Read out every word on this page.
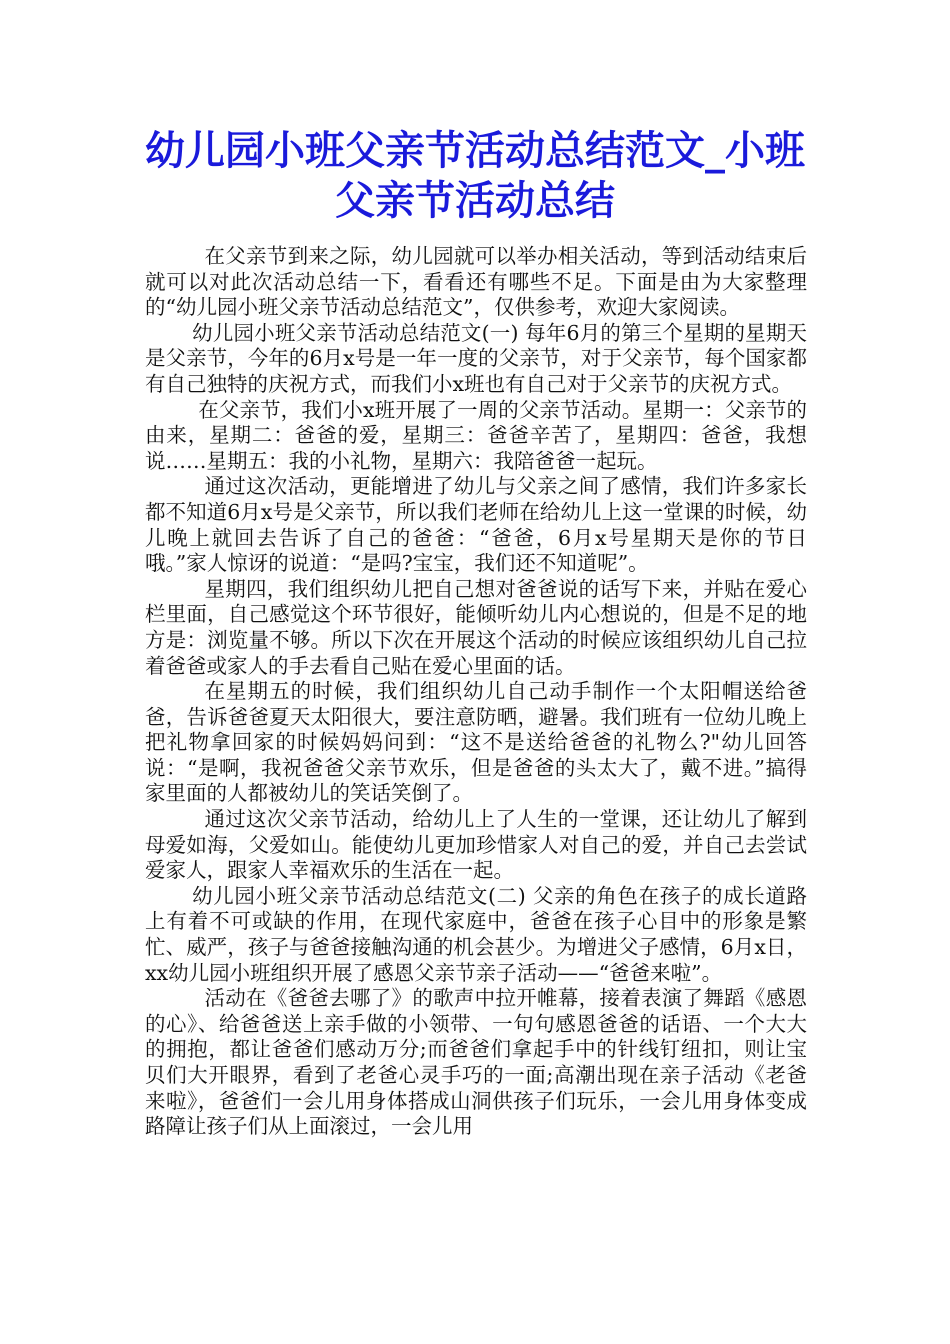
幼儿园小班父亲节活动总结范文_小班父亲节活动总结

在父亲节到来之际，幼儿园就可以举办相关活动，等到活动结束后就可以对此次活动总结一下，看看还有哪些不足。下面是由为大家整理的“幼儿园小班父亲节活动总结范文”，仅供参考，欢迎大家阅读。

幼儿园小班父亲节活动总结范文(一) 每年6月的第三个星期的星期天是父亲节，今年的6月x号是一年一度的父亲节，对于父亲节，每个国家都有自己独特的庆祝方式，而我们小x班也有自己对于父亲节的庆祝方式。

在父亲节，我们小x班开展了一周的父亲节活动。星期一：父亲节的由来，星期二：爸爸的爱，星期三：爸爸辛苦了，星期四：爸爸，我想说……星期五：我的小礼物，星期六：我陪爸爸一起玩。

通过这次活动，更能增进了幼儿与父亲之间了感情，我们许多家长都不知道6月x号是父亲节，所以我们老师在给幼儿上这一堂课的时候，幼儿晚上就回去告诉了自己的爸爸：“爸爸，6月x号星期天是你的节日哦。”家人惊讶的说道：“是吗?宝宝，我们还不知道呢”。

星期四，我们组织幼儿把自己想对爸爸说的话写下来，并贴在爱心栏里面，自己感觉这个环节很好，能倾听幼儿内心想说的，但是不足的地方是：浏览量不够。所以下次在开展这个活动的时候应该组织幼儿自己拉着爸爸或家人的手去看自己贴在爱心里面的话。

在星期五的时候，我们组织幼儿自己动手制作一个太阳帽送给爸爸，告诉爸爸夏天太阳很大，要注意防晒，避暑。我们班有一位幼儿晚上把礼物拿回家的时候妈妈问到：“这不是送给爸爸的礼物么?"幼儿回答说：“是啊，我祝爸爸父亲节欢乐，但是爸爸的头太大了，戴不进。”搞得家里面的人都被幼儿的笑话笑倒了。

通过这次父亲节活动，给幼儿上了人生的一堂课，还让幼儿了解到母爱如海，父爱如山。能使幼儿更加珍惜家人对自己的爱，并自己去尝试爱家人，跟家人幸福欢乐的生活在一起。

幼儿园小班父亲节活动总结范文(二) 父亲的角色在孩子的成长道路上有着不可或缺的作用，在现代家庭中，爸爸在孩子心目中的形象是繁忙、威严，孩子与爸爸接触沟通的机会甚少。为增进父子感情，6月x日，xx幼儿园小班组织开展了感恩父亲节亲子活动——“爸爸来啦”。

活动在《爸爸去哪了》的歌声中拉开帷幕，接着表演了舞蹈《感恩的心》、给爸爸送上亲手做的小领带、一句句感恩爸爸的话语、一个大大的拥抱，都让爸爸们感动万分;而爸爸们拿起手中的针线钉纽扣，则让宝贝们大开眼界，看到了老爸心灵手巧的一面;高潮出现在亲子活动《老爸来啦》，爸爸们一会儿用身体搭成山洞供孩子们玩乐，一会儿用身体变成路障让孩子们从上面滚过，一会儿用
